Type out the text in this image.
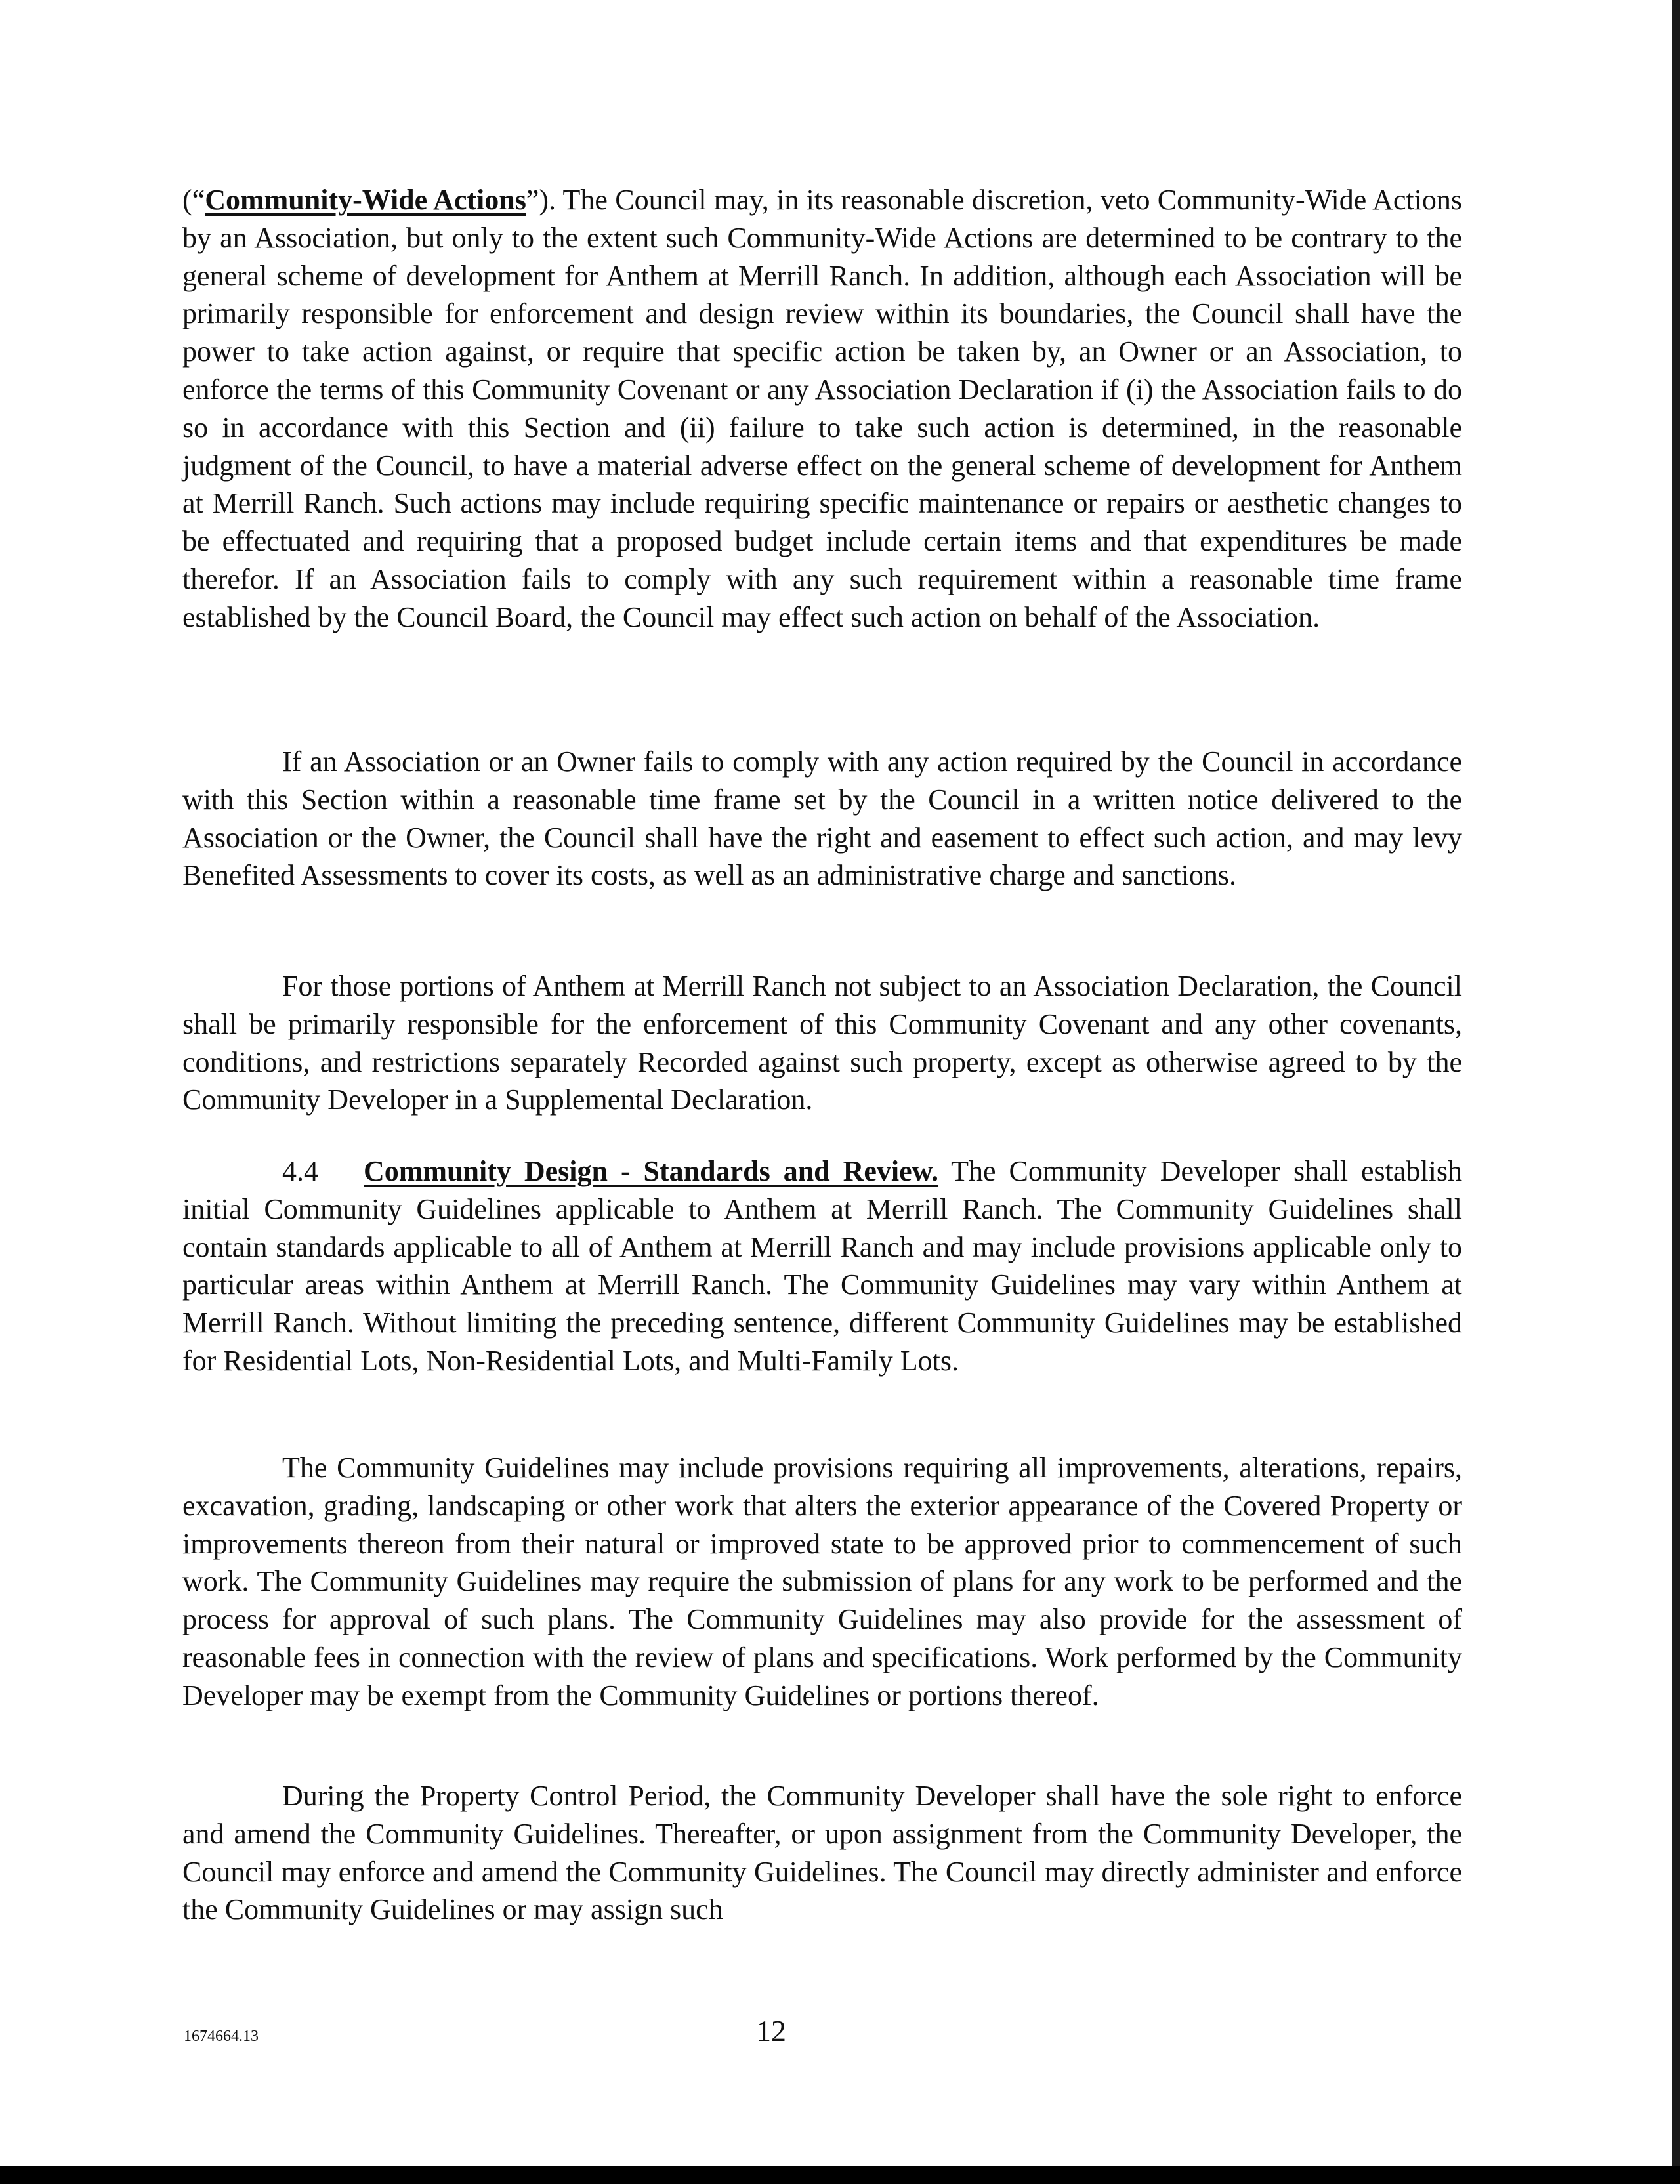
(“Community-Wide Actions”). The Council may, in its reasonable discretion, veto Community-Wide Actions by an Association, but only to the extent such Community-Wide Actions are determined to be contrary to the general scheme of development for Anthem at Merrill Ranch. In addition, although each Association will be primarily responsible for enforcement and design review within its boundaries, the Council shall have the power to take action against, or require that specific action be taken by, an Owner or an Association, to enforce the terms of this Community Covenant or any Association Declaration if (i) the Association fails to do so in accordance with this Section and (ii) failure to take such action is determined, in the reasonable judgment of the Council, to have a material adverse effect on the general scheme of development for Anthem at Merrill Ranch. Such actions may include requiring specific maintenance or repairs or aesthetic changes to be effectuated and requiring that a proposed budget include certain items and that expenditures be made therefor. If an Association fails to comply with any such requirement within a reasonable time frame established by the Council Board, the Council may effect such action on behalf of the Association.

If an Association or an Owner fails to comply with any action required by the Council in accordance with this Section within a reasonable time frame set by the Council in a written notice delivered to the Association or the Owner, the Council shall have the right and easement to effect such action, and may levy Benefited Assessments to cover its costs, as well as an administrative charge and sanctions.

For those portions of Anthem at Merrill Ranch not subject to an Association Declaration, the Council shall be primarily responsible for the enforcement of this Community Covenant and any other covenants, conditions, and restrictions separately Recorded against such property, except as otherwise agreed to by the Community Developer in a Supplemental Declaration.

4.4 Community Design - Standards and Review. The Community Developer shall establish initial Community Guidelines applicable to Anthem at Merrill Ranch. The Community Guidelines shall contain standards applicable to all of Anthem at Merrill Ranch and may include provisions applicable only to particular areas within Anthem at Merrill Ranch. The Community Guidelines may vary within Anthem at Merrill Ranch. Without limiting the preceding sentence, different Community Guidelines may be established for Residential Lots, Non-Residential Lots, and Multi-Family Lots.

The Community Guidelines may include provisions requiring all improvements, alterations, repairs, excavation, grading, landscaping or other work that alters the exterior appearance of the Covered Property or improvements thereon from their natural or improved state to be approved prior to commencement of such work. The Community Guidelines may require the submission of plans for any work to be performed and the process for approval of such plans. The Community Guidelines may also provide for the assessment of reasonable fees in connection with the review of plans and specifications. Work performed by the Community Developer may be exempt from the Community Guidelines or portions thereof.

During the Property Control Period, the Community Developer shall have the sole right to enforce and amend the Community Guidelines. Thereafter, or upon assignment from the Community Developer, the Council may enforce and amend the Community Guidelines. The Council may directly administer and enforce the Community Guidelines or may assign such

1674664.13	12
